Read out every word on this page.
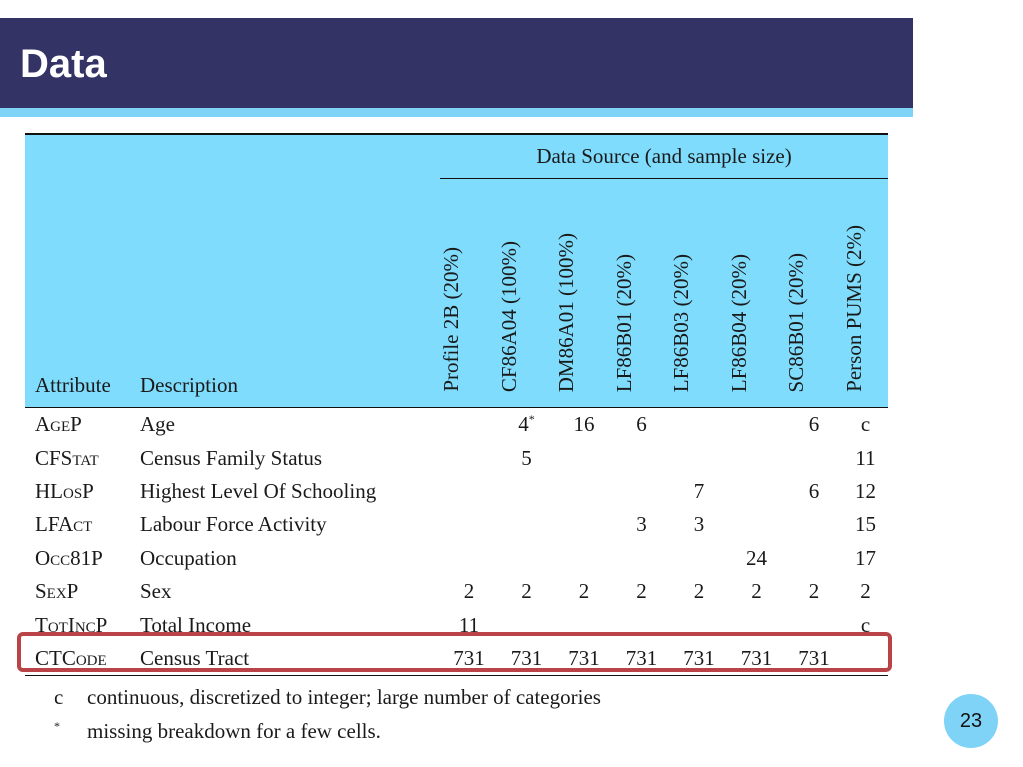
Data
		Data Source (and sample size)							
Attribute	Description	Profile 2B (20%)	CF86A04 (100%)	DM86A01 (100%)	LF86B01 (20%)	LF86B03 (20%)	LF86B04 (20%)	SC86B01 (20%)	Person PUMS (2%)
AgeP	Age		4*	16	6			6	c
CFStat	Census Family Status		5						11
HLosP	Highest Level Of Schooling					7		6	12
LFAct	Labour Force Activity				3	3			15
Occ81P	Occupation						24		17
SexP	Sex	2	2	2	2	2	2	2	2
TotIncP	Total Income	11							c
CTCode	Census Tract	731	731	731	731	731	731	731	
c	continuous, discretized to integer; large number of categories
*	missing breakdown for a few cells.	23
